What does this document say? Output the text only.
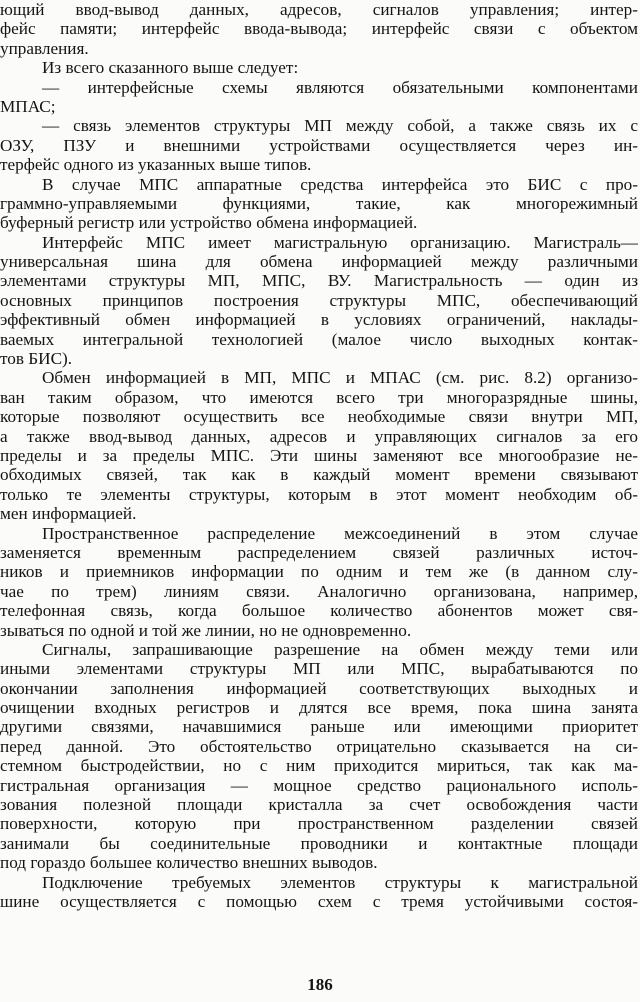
ющий ввод-вывод данных, адресов, сигналов управления; интер-
фейс памяти; интерфейс ввода-вывода; интерфейс связи с объектом
управления.
Из всего сказанного выше следует:
— интерфейсные схемы являются обязательными компонентами
МПАС;
— связь элементов структуры МП между собой, а также связь их с
ОЗУ, ПЗУ и внешними устройствами осуществляется через ин-
терфейс одного из указанных выше типов.
В случае МПС аппаратные средства интерфейса это БИС с про-
граммно-управляемыми функциями, такие, как многорежимный
буферный регистр или устройство обмена информацией.
Интерфейс МПС имеет магистральную организацию. Магистраль—
универсальная шина для обмена информацией между различными
элементами структуры МП, МПС, ВУ. Магистральность — один из
основных принципов построения структуры МПС, обеспечивающий
эффективный обмен информацией в условиях ограничений, наклады-
ваемых интегральной технологией (малое число выходных контак-
тов БИС).
Обмен информацией в МП, МПС и МПАС (см. рис. 8.2) организо-
ван таким образом, что имеются всего три многоразрядные шины,
которые позволяют осуществить все необходимые связи внутри МП,
а также ввод-вывод данных, адресов и управляющих сигналов за его
пределы и за пределы МПС. Эти шины заменяют все многообразие не-
обходимых связей, так как в каждый момент времени связывают
только те элементы структуры, которым в этот момент необходим об-
мен информацией.
Пространственное распределение межсоединений в этом случае
заменяется временным распределением связей различных источ-
ников и приемников информации по одним и тем же (в данном слу-
чае по трем) линиям связи. Аналогично организована, например,
телефонная связь, когда большое количество абонентов может свя-
зываться по одной и той же линии, но не одновременно.
Сигналы, запрашивающие разрешение на обмен между теми или
иными элементами структуры МП или МПС, вырабатываются по
окончании заполнения информацией соответствующих выходных и
очищении входных регистров и длятся все время, пока шина занята
другими связями, начавшимися раньше или имеющими приоритет
перед данной. Это обстоятельство отрицательно сказывается на си-
стемном быстродействии, но с ним приходится мириться, так как ма-
гистральная организация — мощное средство рационального исполь-
зования полезной площади кристалла за счет освобождения части
поверхности, которую при пространственном разделении связей
занимали бы соединительные проводники и контактные площади
под гораздо большее количество внешних выводов.
Подключение требуемых элементов структуры к магистральной
шине осуществляется с помощью схем с тремя устойчивыми состоя-
186
